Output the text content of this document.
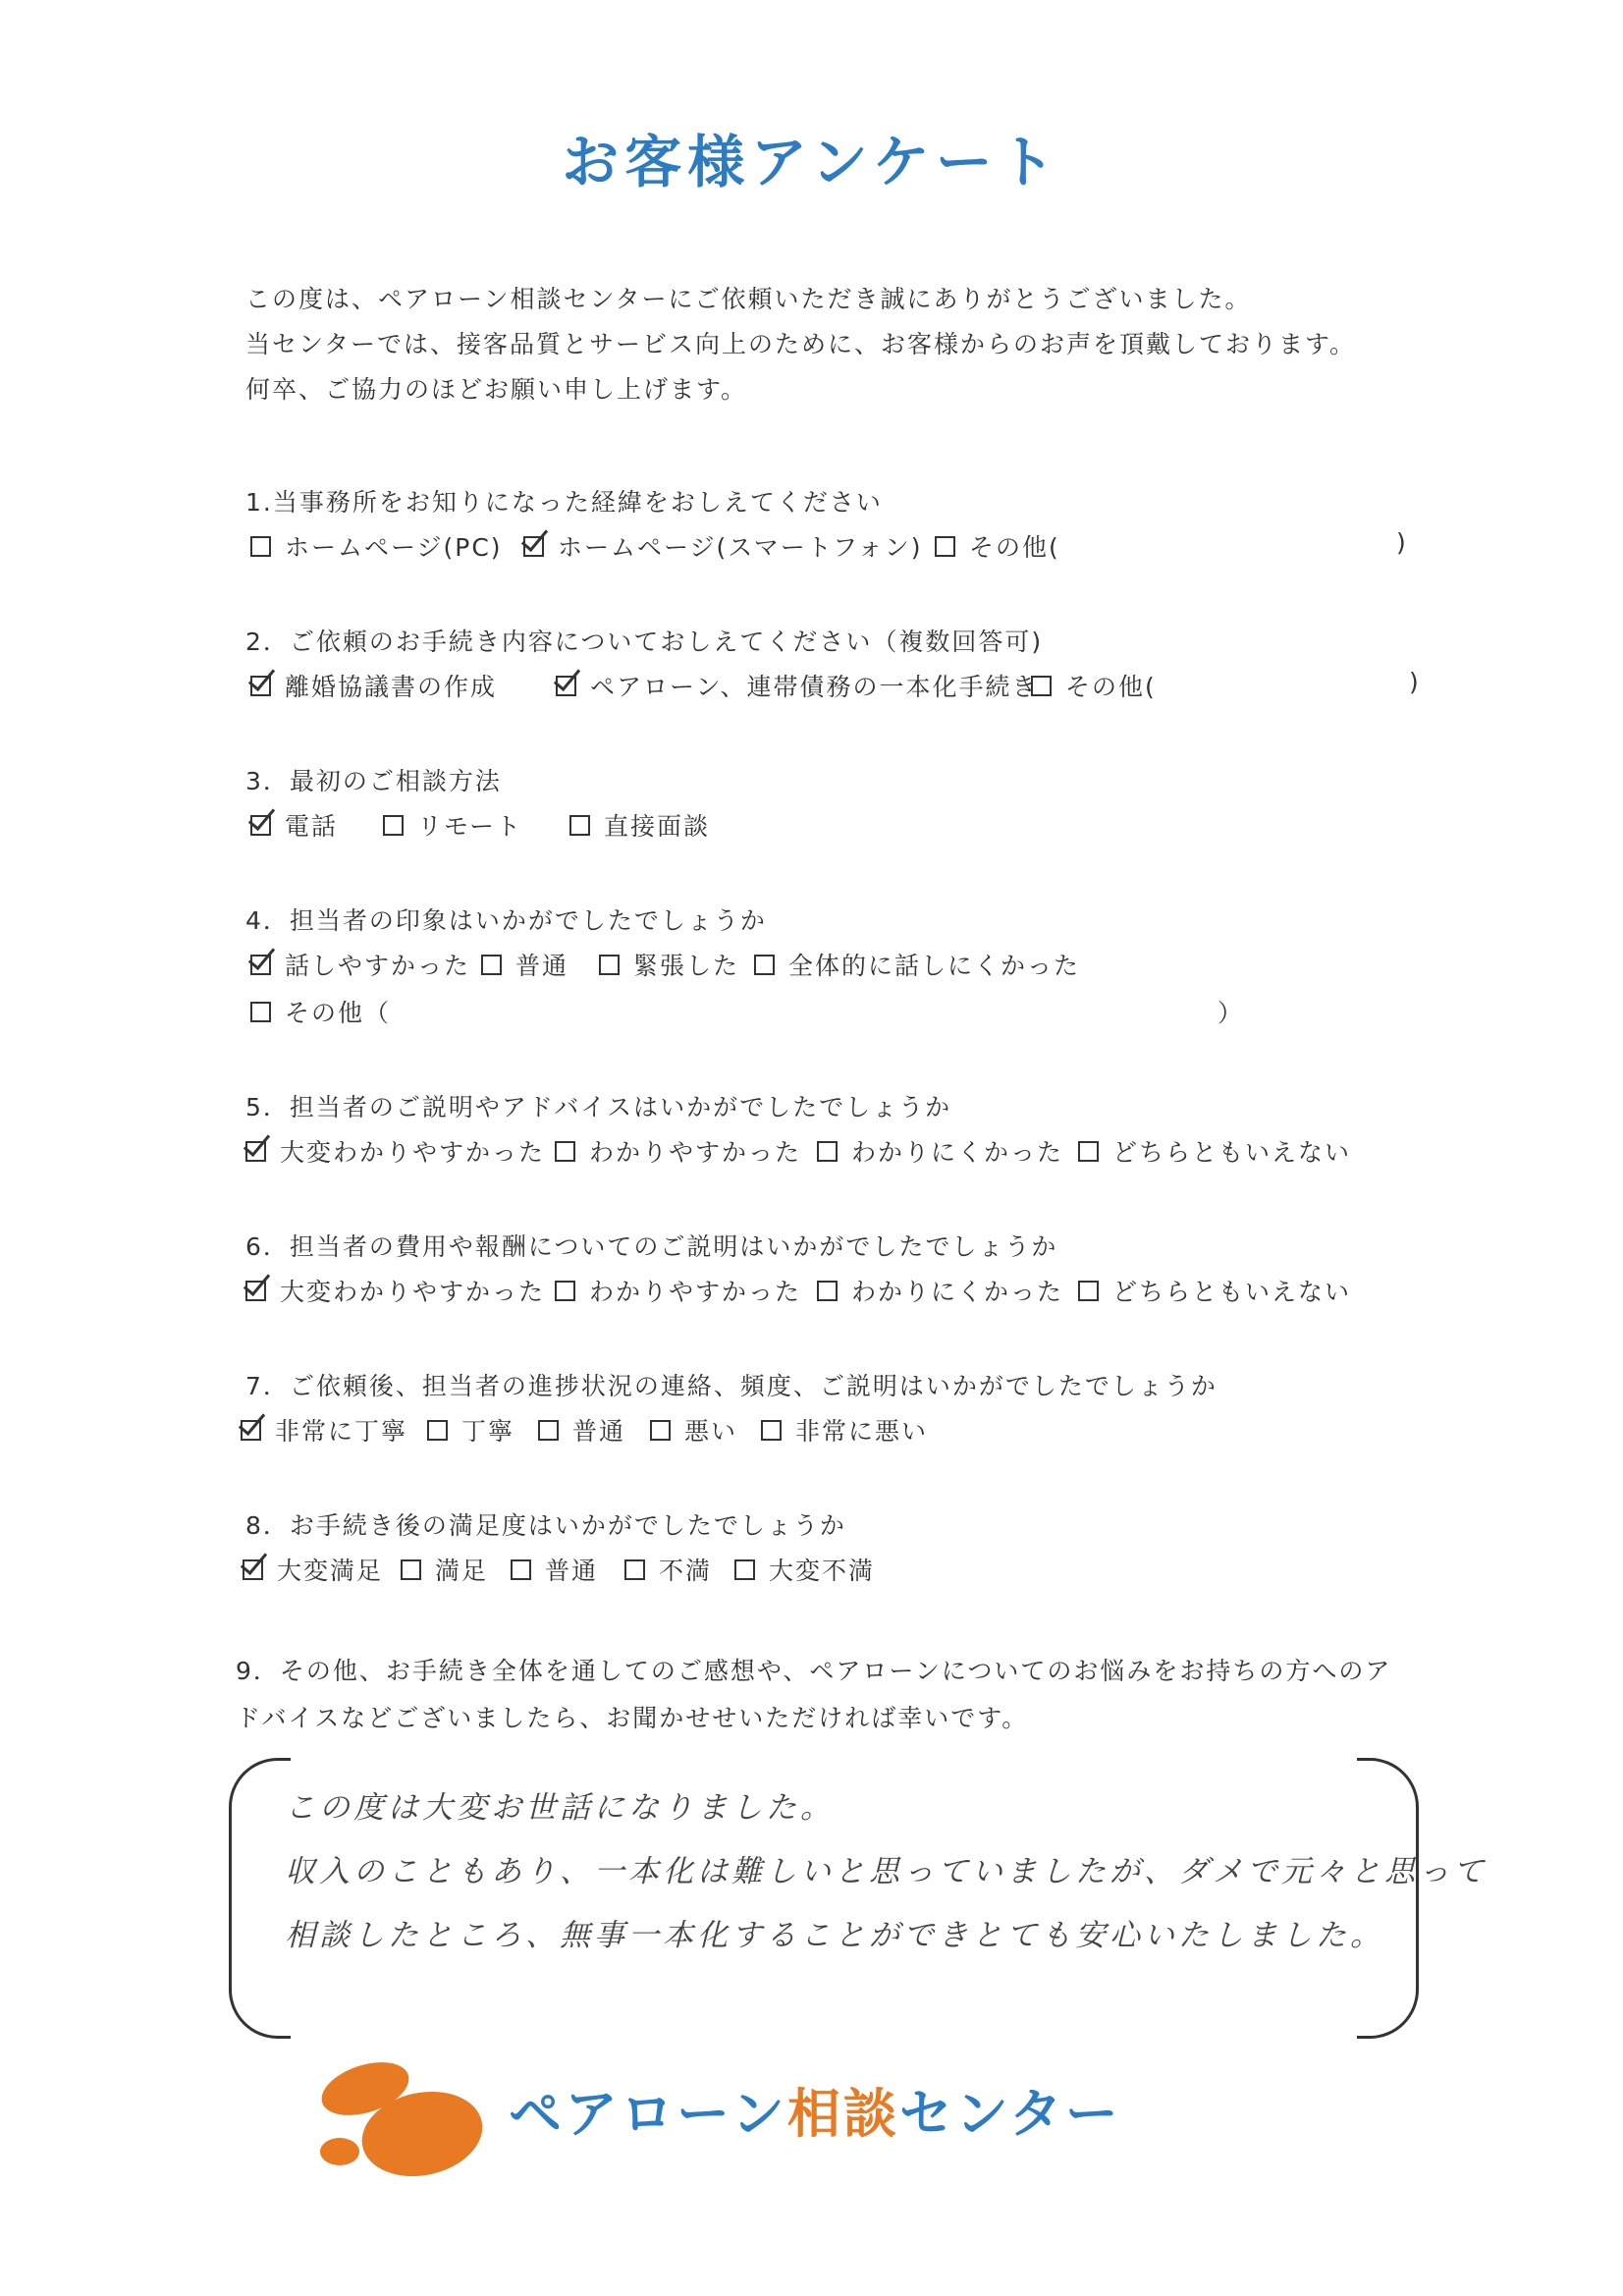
お客様アンケート
この度は、ペアローン相談センターにご依頼いただき誠にありがとうございました。
当センターでは、接客品質とサービス向上のために、お客様からのお声を頂戴しております。
何卒、ご協力のほどお願い申し上げます。
1.当事務所をお知りになった経緯をおしえてください
ホームページ(PC) ホームページ(スマートフォン) その他(	)
2．ご依頼のお手続き内容についておしえてください（複数回答可)
離婚協議書の作成	ペアローン、連帯債務の一本化手続き その他(	)
3．最初のご相談方法
電話	リモート	直接面談
4．担当者の印象はいかがでしたでしょうか
話しやすかった 普通	緊張した 全体的に話しにくかった
その他（	）
5．担当者のご説明やアドバイスはいかがでしたでしょうか
大変わかりやすかった わかりやすかった わかりにくかった どちらともいえない
6．担当者の費用や報酬についてのご説明はいかがでしたでしょうか
大変わかりやすかった わかりやすかった わかりにくかった どちらともいえない
7．ご依頼後、担当者の進捗状況の連絡、頻度、ご説明はいかがでしたでしょうか
非常に丁寧 丁寧 普通 悪い 非常に悪い
8．お手続き後の満足度はいかがでしたでしょうか
大変満足 満足 普通 不満 大変不満
9．その他、お手続き全体を通してのご感想や、ペアローンについてのお悩みをお持ちの方へのアドバイスなどございましたら、お聞かせせいただければ幸いです。
この度は大変お世話になりました。
収入のこともあり、一本化は難しいと思っていましたが、ダメで元々と思って
相談したところ、無事一本化することができとても安心いたしました。
ペアローン相談センター
